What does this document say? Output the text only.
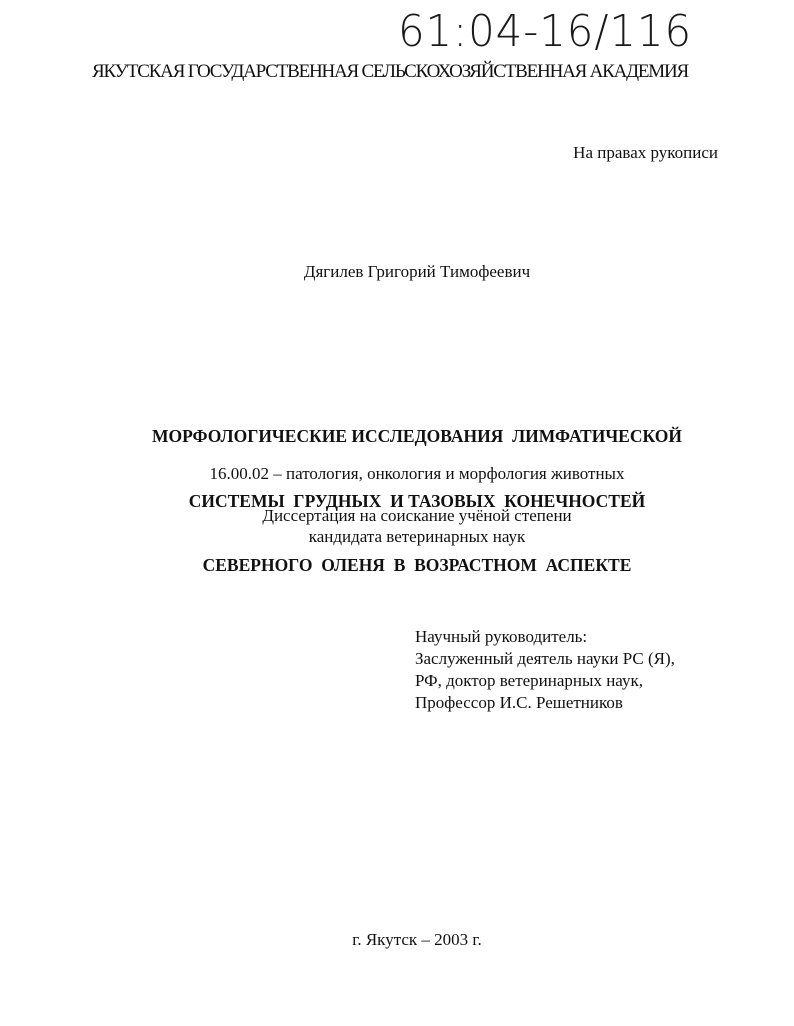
61:04-16/116
ЯКУТСКАЯ ГОСУДАРСТВЕННАЯ СЕЛЬСКОХОЗЯЙСТВЕННАЯ АКАДЕМИЯ
На правах рукописи
Дягилев Григорий Тимофеевич

МОРФОЛОГИЧЕСКИЕ ИССЛЕДОВАНИЯ  ЛИМФАТИЧЕСКОЙ

СИСТЕМЫ  ГРУДНЫХ  И ТАЗОВЫХ  КОНЕЧНОСТЕЙ

СЕВЕРНОГО  ОЛЕНЯ  В  ВОЗРАСТНОМ  АСПЕКТЕ

16.00.02 – патология, онкология и морфология животных
Диссертация на соискание учёной степени
кандидата ветеринарных наук
Научный руководитель:
Заслуженный деятель науки РС (Я),
РФ, доктор ветеринарных наук,
Профессор И.С. Решетников
г. Якутск – 2003 г.
